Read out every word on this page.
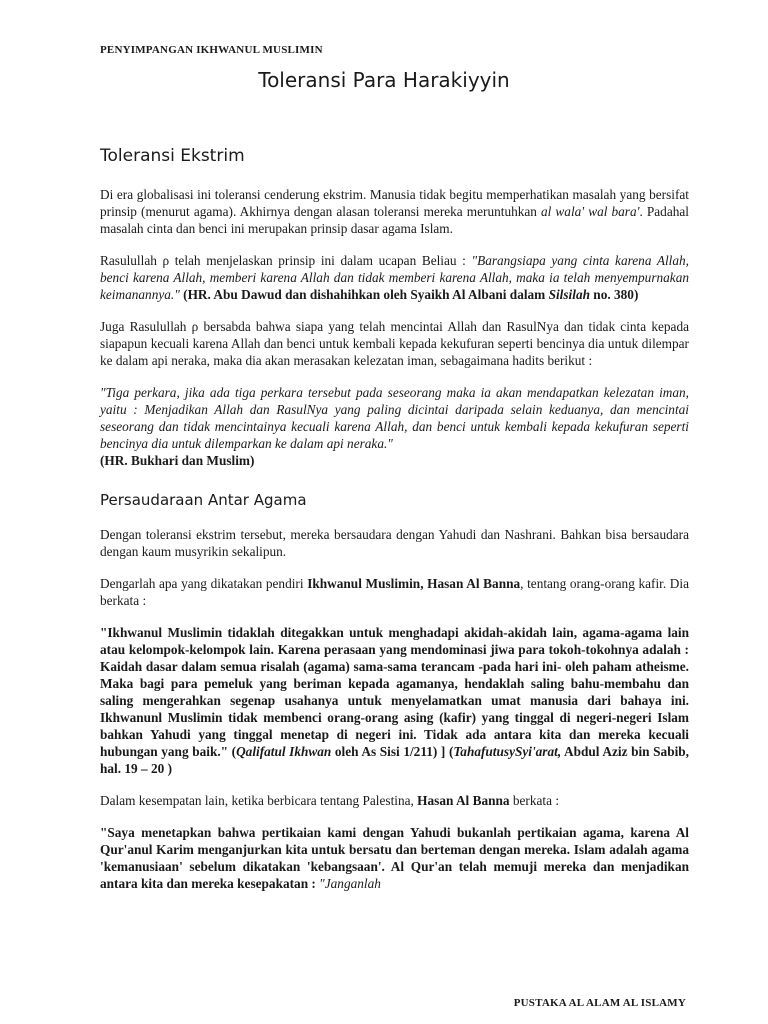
PENYIMPANGAN IKHWANUL MUSLIMIN
Toleransi Para Harakiyyin
Toleransi Ekstrim

Di era globalisasi ini toleransi cenderung ekstrim. Manusia tidak begitu memperhatikan masalah yang bersifat prinsip (menurut agama). Akhirnya dengan alasan toleransi mereka meruntuhkan al wala' wal bara'. Padahal masalah cinta dan benci ini merupakan prinsip dasar agama Islam.

Rasulullah ρ telah menjelaskan prinsip ini dalam ucapan Beliau : "Barangsiapa yang cinta karena Allah, benci karena Allah, memberi karena Allah dan tidak memberi karena Allah, maka ia telah menyempurnakan keimanannya." (HR. Abu Dawud dan dishahihkan oleh Syaikh Al Albani dalam Silsilah no. 380)

Juga Rasulullah ρ bersabda bahwa siapa yang telah mencintai Allah dan RasulNya dan tidak cinta kepada siapapun kecuali karena Allah dan benci untuk kembali kepada kekufuran seperti bencinya dia untuk dilempar ke dalam api neraka, maka dia akan merasakan kelezatan iman, sebagaimana hadits berikut :

"Tiga perkara, jika ada tiga perkara tersebut pada seseorang maka ia akan mendapatkan kelezatan iman, yaitu : Menjadikan Allah dan RasulNya yang paling dicintai daripada selain keduanya, dan mencintai seseorang dan tidak mencintainya kecuali karena Allah, dan benci untuk kembali kepada kekufuran seperti bencinya dia untuk dilemparkan ke dalam api neraka."
(HR. Bukhari dan Muslim)

Persaudaraan Antar Agama

Dengan toleransi ekstrim tersebut, mereka bersaudara dengan Yahudi dan Nashrani. Bahkan bisa bersaudara dengan kaum musyrikin sekalipun.

Dengarlah apa yang dikatakan pendiri Ikhwanul Muslimin, Hasan Al Banna, tentang orang-orang kafir. Dia berkata :

"Ikhwanul Muslimin tidaklah ditegakkan untuk menghadapi akidah-akidah lain, agama-agama lain atau kelompok-kelompok lain. Karena perasaan yang mendominasi jiwa para tokoh-tokohnya adalah : Kaidah dasar dalam semua risalah (agama) sama-sama terancam -pada hari ini- oleh paham atheisme. Maka bagi para pemeluk yang beriman kepada agamanya, hendaklah saling bahu-membahu dan saling mengerahkan segenap usahanya untuk menyelamatkan umat manusia dari bahaya ini. Ikhwanunl Muslimin tidak membenci orang-orang asing (kafir) yang tinggal di negeri-negeri Islam bahkan Yahudi yang tinggal menetap di negeri ini. Tidak ada antara kita dan mereka kecuali hubungan yang baik." (Qalifatul Ikhwan oleh As Sisi 1/211) ] (TahafutusySyi'arat, Abdul Aziz bin Sabib, hal. 19 – 20 )

Dalam kesempatan lain, ketika berbicara tentang Palestina, Hasan Al Banna berkata :

"Saya menetapkan bahwa pertikaian kami dengan Yahudi bukanlah pertikaian agama, karena Al Qur'anul Karim menganjurkan kita untuk bersatu dan berteman dengan mereka. Islam adalah agama 'kemanusiaan' sebelum dikatakan 'kebangsaan'. Al Qur'an telah memuji mereka dan menjadikan antara kita dan mereka kesepakatan : "Janganlah

PUSTAKA AL ALAM AL ISLAMY
